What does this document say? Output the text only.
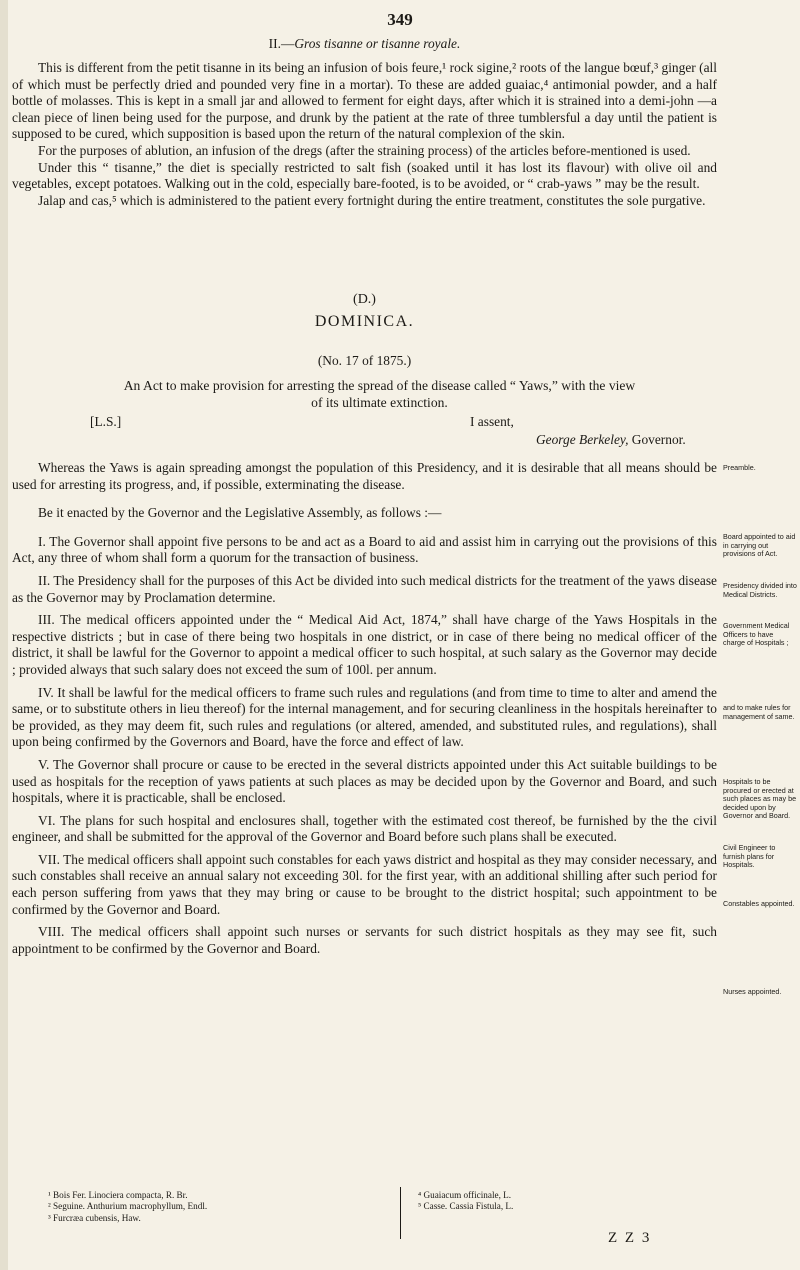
349
II.—Gros tisanne or tisanne royale.

This is different from the petit tisanne in its being an infusion of bois feure,¹ rock sigine,² roots of the langue bœuf,³ ginger (all of which must be perfectly dried and pounded very fine in a mortar). To these are added guaiac,⁴ antimonial powder, and a half bottle of molasses. This is kept in a small jar and allowed to ferment for eight days, after which it is strained into a demi-john —a clean piece of linen being used for the purpose, and drunk by the patient at the rate of three tumblersful a day until the patient is supposed to be cured, which supposition is based upon the return of the natural complexion of the skin.

For the purposes of ablution, an infusion of the dregs (after the straining process) of the articles before-mentioned is used.

Under this “ tisanne,” the diet is specially restricted to salt fish (soaked until it has lost its flavour) with olive oil and vegetables, except potatoes. Walking out in the cold, especially bare-footed, is to be avoided, or “ crab-yaws ” may be the result.

Jalap and cas,⁵ which is administered to the patient every fortnight during the entire treatment, constitutes the sole purgative.

(D.)
DOMINICA.
(No. 17 of 1875.)
An Act to make provision for arresting the spread of the disease called “ Yaws,” with the view
of its ultimate extinction.
[L.S.]	I assent,
George Berkeley, Governor.

Whereas the Yaws is again spreading amongst the population of this Presidency, and it is desirable that all means should be used for arresting its progress, and, if possible, exterminating the disease.

Be it enacted by the Governor and the Legislative Assembly, as follows :—

I. The Governor shall appoint five persons to be and act as a Board to aid and assist him in carrying out the provisions of this Act, any three of whom shall form a quorum for the transaction of business.

II. The Presidency shall for the purposes of this Act be divided into such medical districts for the treatment of the yaws disease as the Governor may by Proclamation determine.

III. The medical officers appointed under the “ Medical Aid Act, 1874,” shall have charge of the Yaws Hospitals in the respective districts ; but in case of there being two hospitals in one district, or in case of there being no medical officer of the district, it shall be lawful for the Governor to appoint a medical officer to such hospital, at such salary as the Governor may decide ; provided always that such salary does not exceed the sum of 100l. per annum.

IV. It shall be lawful for the medical officers to frame such rules and regulations (and from time to time to alter and amend the same, or to substitute others in lieu thereof) for the internal management, and for securing cleanliness in the hospitals hereinafter to be provided, as they may deem fit, such rules and regulations (or altered, amended, and substituted rules, and regulations), shall upon being confirmed by the Governors and Board, have the force and effect of law.

V. The Governor shall procure or cause to be erected in the several districts appointed under this Act suitable buildings to be used as hospitals for the reception of yaws patients at such places as may be decided upon by the Governor and Board, and such hospitals, where it is practicable, shall be enclosed.

VI. The plans for such hospital and enclosures shall, together with the estimated cost thereof, be furnished by the the civil engineer, and shall be submitted for the approval of the Governor and Board before such plans shall be executed.

VII. The medical officers shall appoint such constables for each yaws district and hospital as they may consider necessary, and such constables shall receive an annual salary not exceeding 30l. for the first year, with an additional shilling after such period for each person suffering from yaws that they may bring or cause to be brought to the district hospital; such appointment to be confirmed by the Governor and Board.

VIII. The medical officers shall appoint such nurses or servants for such district hospitals as they may see fit, such appointment to be confirmed by the Governor and Board.

Preamble.
Board appointed to aid in carrying out provisions of Act.
Presidency divided into Medical Districts.
Government Medical Officers to have charge of Hospitals ;
and to make rules for management of same.
Hospitals to be procured or erected at such places as may be decided upon by Governor and Board.
Civil Engineer to furnish plans for Hospitals.
Constables appointed.
Nurses appointed.
¹ Bois Fer. Linociera compacta, R. Br.
² Seguine. Anthurium macrophyllum, Endl.
³ Furcræa cubensis, Haw.
⁴ Guaiacum officinale, L.
⁵ Casse. Cassia Fistula, L.
Z Z 3
